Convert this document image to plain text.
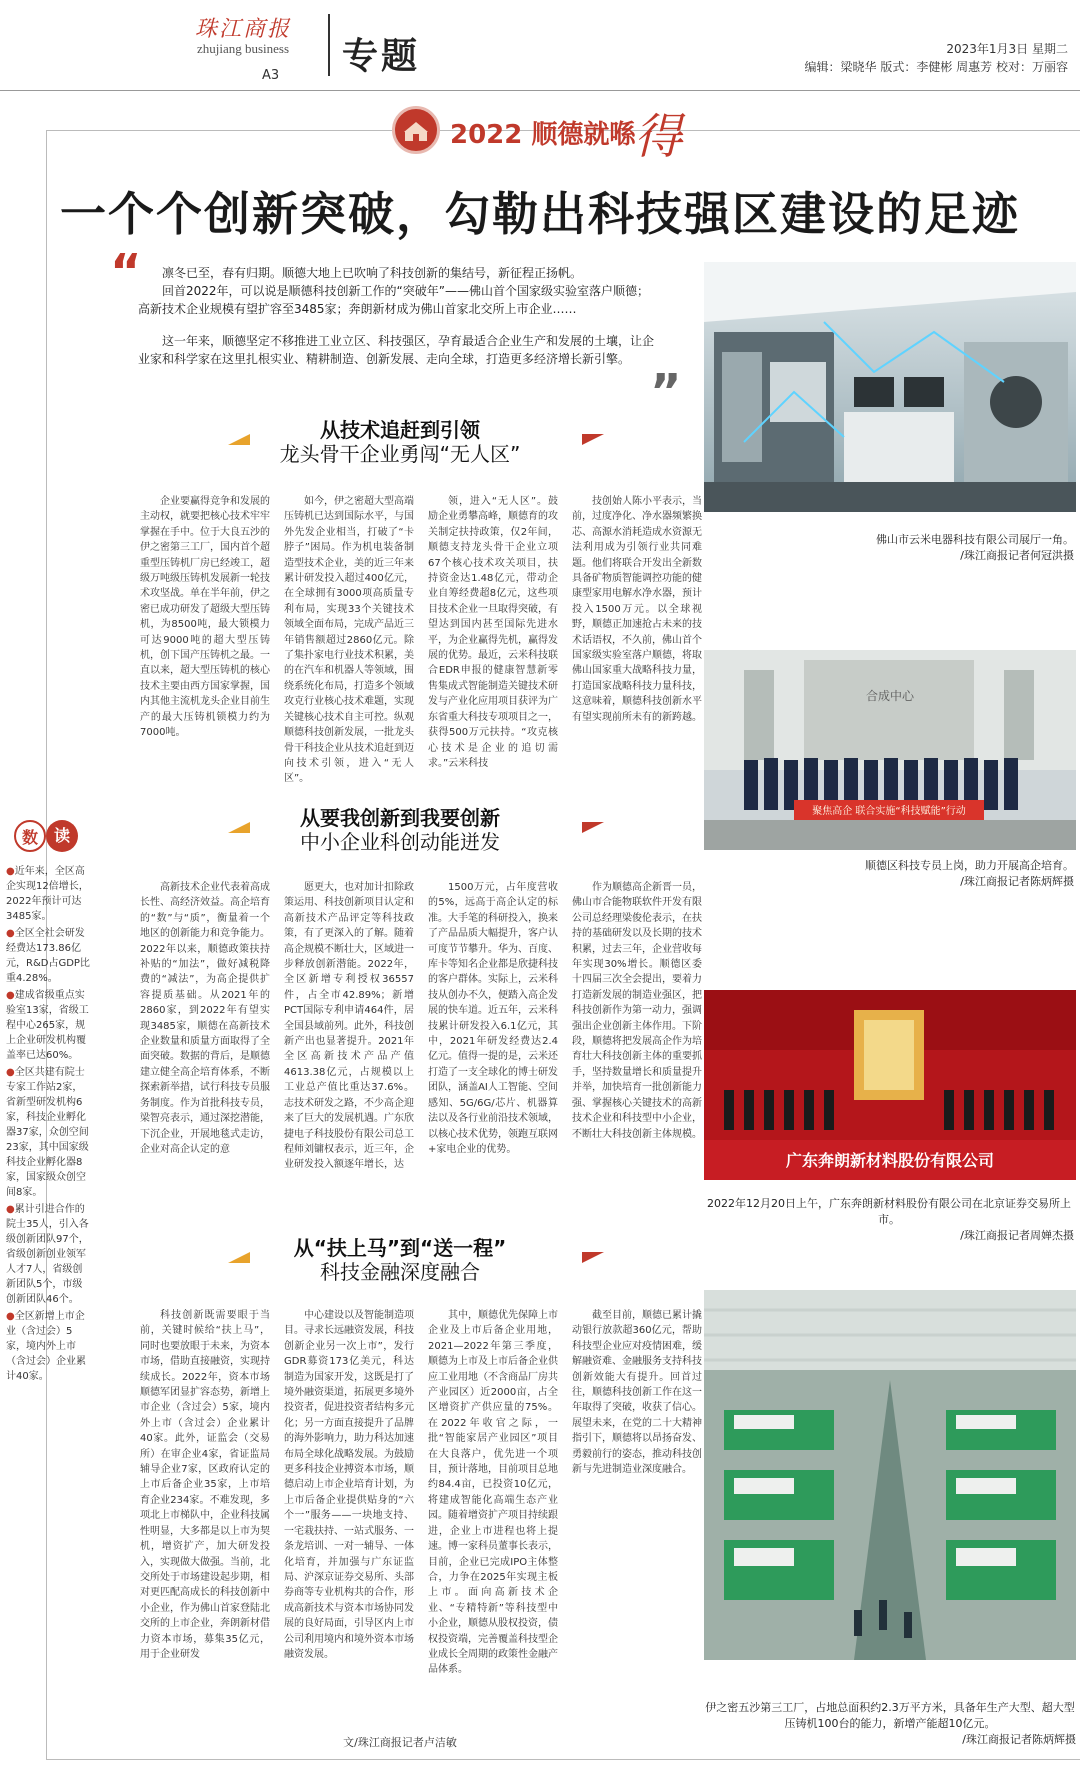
珠江商报
zhujiang business
A3 专题	2023年1月3日 星期二
编辑：梁晓华 版式：李健彬 周惠芳 校对：万丽容
2022 顺德就喺
得
一个个创新突破，勾勒出科技强区建设的足迹
“	凛冬已至，春有归期。顺德大地上已吹响了科技创新的集结号，新征程正扬帆。

回首2022年，可以说是顺德科技创新工作的“突破年”——佛山首个国家级实验室落户顺德；高新技术企业规模有望扩容至3485家；奔朗新材成为佛山首家北交所上市企业……

这一年来，顺德坚定不移推进工业立区、科技强区，孕育最适合企业生产和发展的土壤，让企业家和科学家在这里扎根实业、精耕制造、创新发展、走向全球，打造更多经济增长新引擎。

”
从技术追赶到引领
龙头骨干企业勇闯“无人区”

企业要赢得竞争和发展的主动权，就要把核心技术牢牢掌握在手中。位于大良五沙的伊之密第三工厂，国内首个超重型压铸机厂房已经竣工，超级万吨级压铸机发展新一轮技术攻坚战。单在半年前，伊之密已成功研发了超级大型压铸机，为8500吨，最大锁模力可达9000吨的超大型压铸机，创下国产压铸机之最。一直以来，超大型压铸机的核心技术主要由西方国家掌握，国内其他主流机龙头企业目前生产的最大压铸机锁模力约为7000吨。

如今，伊之密超大型高端压铸机已达到国际水平，与国外先发企业相当，打破了“卡脖子”困局。作为机电装备制造型技术企业，美的近三年来累计研发投入超过400亿元，在全球拥有3000项高质量专利布局，实现33个关键技术领域全面布局，完成产品近三年销售额超过2860亿元。除了集扑家电行业技术积累，美的在汽车和机器人等领域，围绕系统化布局，打造多个领域攻克行业核心技术难题，实现关键核心技术自主可控。纵观顺德科技创新发展，一批龙头骨干科技企业从技术追赶到迈向技术引领，进入“无人区”。

领，进入“无人区”。鼓励企业勇攀高峰，顺德育的攻关制定扶持政策，仅2年间，顺德支持龙头骨干企业立项67个核心技术攻关项目，扶持资金达1.48亿元，带动企业自筹经费超8亿元，这些项目技术企业一旦取得突破，有望达到国内甚至国际先进水平，为企业赢得先机，赢得发展的优势。最近，云米科技联合EDR申报的健康智慧新零售集成式智能制造关键技术研发与产业化应用项目获评为广东省重大科技专项项目之一，获得500万元扶持。“攻克核心技术是企业的追切需求。”云米科技

技创始人陈小平表示，当前，过度净化、净水器频繁换芯、高源水消耗造成水资源无法利用成为引领行业共同难题。他们将联合开发出全新数具备矿物质智能调控功能的健康型家用电解水净水器，预计投入1500万元。以全球视野，顺德正加速抢占未来的技术话语权，不久前，佛山首个国家级实验室落户顺德，将取佛山国家重大战略科技力量，打造国家战略科技力量科技，这意味着，顺德科技创新水平有望实现前所未有的新跨越。

从要我创新到我要创新
中小企业科创动能迸发

高新技术企业代表着高成长性、高经济效益。高企培育的“数”与“质”，衡量着一个地区的创新能力和竞争能力。2022年以来，顺德政策扶持补贴的“加法”，做好减税降费的“减法”，为高企提供扩容提质基础。从2021年的2860家，到2022年有望实现3485家，顺德在高新技术企业数量和质量方面取得了全面突破。数据的背后，是顺德建立健全高企培育体系，不断探索新举措，试行科技专员服务制度。作为首批科技专员，梁智亮表示，通过深挖潜能，下沉企业，开展地毯式走访，企业对高企认定的意

愿更大，也对加计扣除政策运用、科技创新项目认定和高新技术产品评定等科技政策，有了更深入的了解。随着高企规模不断壮大，区域进一步释放创新潜能。2022年，全区新增专利授权36557件，占全市42.89%；新增PCT国际专利申请464件，居全国县域前列。此外，科技创新产出也显著提升。2021年全区高新技术产品产值4613.38亿元，占规模以上工业总产值比重达37.6%。志技术研发之路，不少高企迎来了巨大的发展机遇。广东欣捷电子科技股份有限公司总工程师刘镛权表示，近三年，企业研发投入额逐年增长，达

1500万元，占年度营收的5%，远高于高企认定的标准。大手笔的科研投入，换来了产品品质大幅提升，客户认可度节节攀升。华为、百度、库卡等知名企业都是欣捷科技的客户群体。实际上，云米科技从创办不久，便踏入高企发展的快车道。近五年，云米科技累计研发投入6.1亿元，其中，2021年研发经费达2.4亿元。值得一提的是，云米还打造了一支全球化的博士研发团队，涵盖AI人工智能、空间感知、5G/6G/芯片、机器算法以及各行业前沿技术领域，以核心技术优势，领跑互联网+家电企业的优势。

作为顺德高企新晋一员，佛山市合能物联软件开发有限公司总经理梁俊伦表示，在扶持的基础研发以及长期的技术积累，过去三年，企业营收每年实现30%增长。顺德区委十四届三次全会提出，要着力打造新发展的制造业强区，把科技创新作为第一动力，强调强出企业创新主体作用。下阶段，顺德将把发展高企作为培育壮大科技创新主体的重要抓手，坚持数量增长和质量提升并举，加快培育一批创新能力强、掌握核心关键技术的高新技术企业和科技型中小企业，不断壮大科技创新主体规模。

从“扶上马”到“送一程”
科技金融深度融合

科技创新既需要眼于当前，关键时候给“扶上马”，同时也要放眼于未来，为资本市场，借助直接融资，实现持续成长。2022年，资本市场顺德军团显扩容态势，新增上市企业（含过会）5家，境内外上市（含过会）企业累计40家。此外，证监会（交易所）在审企业4家，省证监局辅导企业7家，区政府认定的上市后备企业35家，上市培育企业234家。不难发现，多项北上市梯队中，企业科技属性明显，大多都是以上市为契机，增资扩产，加大研发投入，实现做大做强。当前，北交所处于市场建设起步期，相对更匹配高成长的科技创新中小企业，作为佛山首家登陆北交所的上市企业，奔朗新材借力资本市场，募集35亿元，用于企业研发

中心建设以及智能制造项目。寻求长远融资发展，科技创新企业另一次上市”，发行GDR募资173亿美元，科达制造为国家开发，这既是打了境外融资渠道，拓展更多境外投资者，促进投资者结构多元化；另一方面直接提升了品牌的海外影响力，助力科达加速布局全球化战略发展。为鼓励更多科技企业搏资本市场，顺德启动上市企业培育计划，为上市后备企业提供贴身的“六个一”服务——一块地支持、一宅栽扶持、一站式服务、一条龙培训、一对一辅导、一体化培育，并加强与广东证监局、沪深京证券交易所、头部券商等专业机构共的合作，形成高新技术与资本市场协同发展的良好局面，引导区内上市公司利用境内和境外资本市场融资发展。

其中，顺德优先保障上市企业及上市后备企业用地，2021—2022年第三季度，顺德为上市及上市后备企业供应工业用地（不含商品厂房共产业园区）近2000亩，占全区增资扩产供应量的75%。在2022年收官之际，一批“智能家居产业园区”项目在大良落户，优先进一个项目，预计落地，目前项目总地约84.4亩，已投资10亿元，将建成智能化高端生态产业园。随着增资扩产项目持续跟进，企业上市进程也将上提速。博一家科员董事长表示，目前，企业已完成IPO主体整合，力争在2025年实现主板上市。面向高新技术企业、“专精特新”等科技型中小企业，顺德从股权投资，债权投资端，完善覆盖科技型企业成长全周期的政策性金融产品体系。

截至目前，顺德已累计撬动银行放款超360亿元，帮助科技型企业应对疫情困难，缓解融资难、金融服务支持科技创新效能大有提升。回首过往，顺德科技创新工作在这一年取得了突破，收获了信心。展望未来，在党的二十大精神指引下，顺德将以昂扬奋发、勇毅前行的姿态，推动科技创新与先进制造业深度融合。

数 读

●近年来，全区高企实现12倍增长，2022年预计可达3485家。

●全区全社会研发经费达173.86亿元，R&D占GDP比重4.28%。

●建成省级重点实验室13家，省级工程中心265家，规上企业研发机构覆盖率已达60%。

●全区共建有院士专家工作站2家，省新型研发机构6家，科技企业孵化器37家，众创空间23家，其中国家级科技企业孵化器8家，国家级众创空间8家。

●累计引进合作的院士35人，引入各级创新团队97个，省级创新创业领军人才7人，省级创新团队5个，市级创新团队46个。

●全区新增上市企业（含过会）5家，境内外上市（含过会）企业累计40家。

佛山市云米电器科技有限公司展厅一角。
/珠江商报记者何冠洪摄
合成中心
聚焦高企 联合实施“科技赋能”行动
顺德区科技专员上岗，助力开展高企培育。
/珠江商报记者陈炳辉摄
广东奔朗新材料股份有限公司
2022年12月20日上午，广东奔朗新材料股份有限公司在北京证券交易所上市。
/珠江商报记者周婵杰摄
伊之密五沙第三工厂，占地总面积约2.3万平方米，具备年生产大型、超大型压铸机100台的能力，新增产能超10亿元。
/珠江商报记者陈炳辉摄
文/珠江商报记者卢洁敏
